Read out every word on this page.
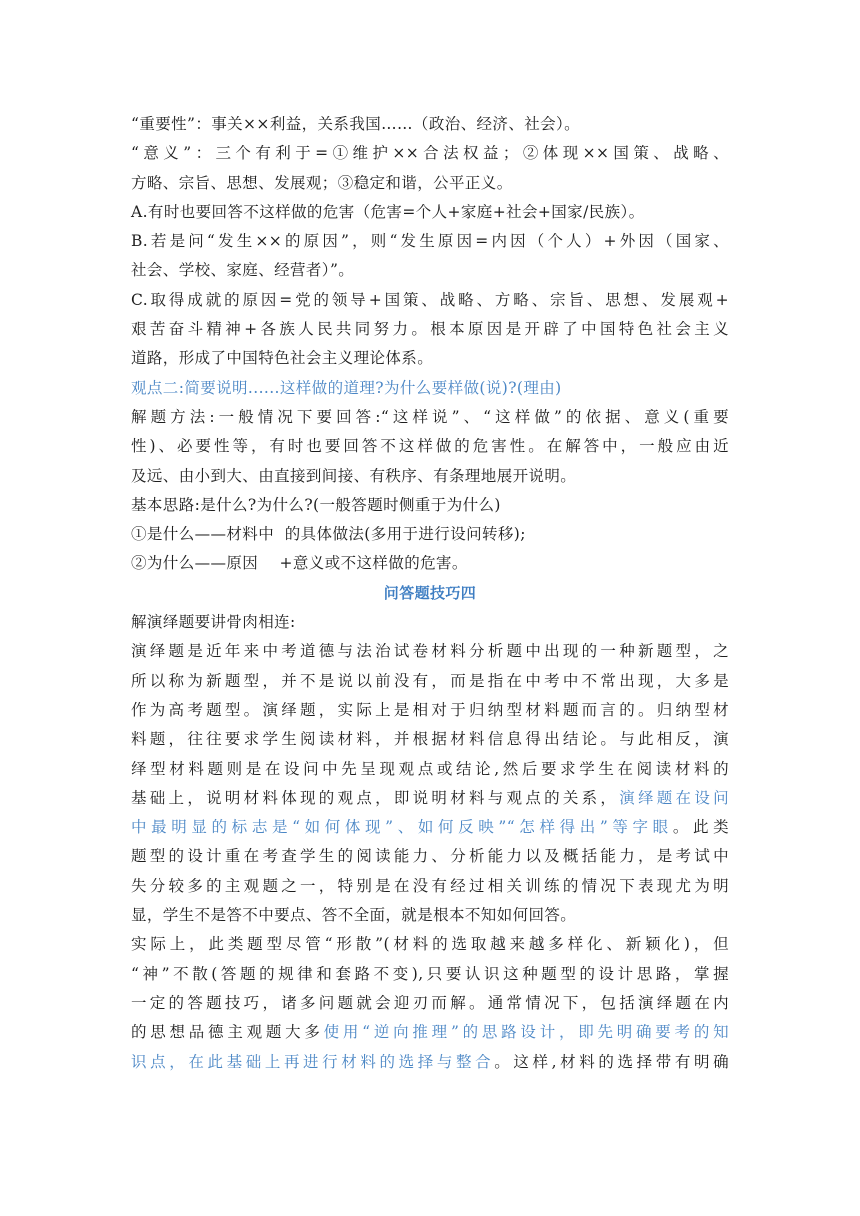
“重要性”：事关××利益，关系我国……（政治、经济、社会）。
“意义”：三个有利于=①维护××合法权益；②体现××国策、战略、
方略、宗旨、思想、发展观；③稳定和谐，公平正义。
A.有时也要回答不这样做的危害（危害=个人+家庭+社会+国家/民族）。
B.若是问“发生××的原因”，则“发生原因=内因（个人）+外因（国家、
社会、学校、家庭、经营者）”。
C.取得成就的原因=党的领导+国策、战略、方略、宗旨、思想、发展观+
艰苦奋斗精神+各族人民共同努力。根本原因是开辟了中国特色社会主义
道路，形成了中国特色社会主义理论体系。
观点二:简要说明......这样做的道理?为什么要样做(说)?(理由)
解题方法:一般情况下要回答:“这样说”、“这样做”的依据、意义(重要
性)、必要性等，有时也要回答不这样做的危害性。在解答中，一般应由近
及远、由小到大、由直接到间接、有秩序、有条理地展开说明。
基本思路:是什么?为什么?(一般答题时侧重于为什么)
①是什么——材料中  的具体做法(多用于进行设问转移);
②为什么——原因    +意义或不这样做的危害。
问答题技巧四
解演绎题要讲骨肉相连:
演绎题是近年来中考道德与法治试卷材料分析题中出现的一种新题型，之
所以称为新题型，并不是说以前没有，而是指在中考中不常出现，大多是
作为高考题型。演绎题，实际上是相对于归纳型材料题而言的。归纳型材
料题，往往要求学生阅读材料，并根据材料信息得出结论。与此相反，演
绎型材料题则是在设问中先呈现观点或结论,然后要求学生在阅读材料的
基础上，说明材料体现的观点，即说明材料与观点的关系，演绎题在设问
中最明显的标志是“如何体现”、如何反映”“怎样得出”等字眼。此类
题型的设计重在考查学生的阅读能力、分析能力以及概括能力，是考试中
失分较多的主观题之一，特别是在没有经过相关训练的情况下表现尤为明
显，学生不是答不中要点、答不全面，就是根本不知如何回答。
实际上，此类题型尽管“形散”(材料的选取越来越多样化、新颖化)，但
“神”不散(答题的规律和套路不变),只要认识这种题型的设计思路，掌握
一定的答题技巧，诸多问题就会迎刃而解。通常情况下，包括演绎题在内
的思想品德主观题大多使用“逆向推理”的思路设计，即先明确要考的知
识点，在此基础上再进行材料的选择与整合。这样,材料的选择带有明确
